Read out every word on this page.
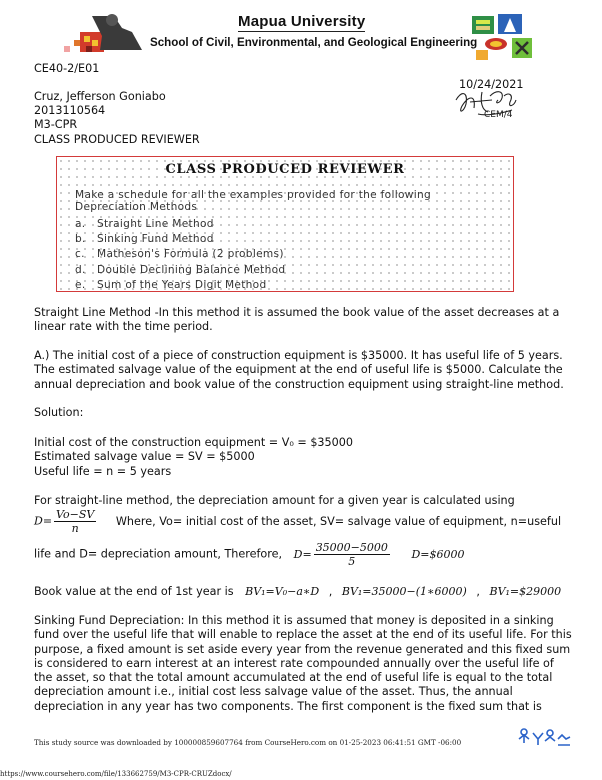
Mapua University
School of Civil, Environmental, and Geological Engineering
CE40-2/E01
10/24/2021
CEM/4
Cruz, Jefferson Goniabo
2013110564
M3-CPR
CLASS PRODUCED REVIEWER
CLASS PRODUCED REVIEWER
Make a schedule for all the examples provided for the following Depreciation Methods
a. Straight Line Method
b. Sinking Fund Method
c. Matheson's Formula (2 problems)
d. Double Declining Balance Method
e. Sum of the Years Digit Method
Straight Line Method -In this method it is assumed the book value of the asset decreases at a linear rate with the time period.
A.) The initial cost of a piece of construction equipment is $35000. It has useful life of 5 years. The estimated salvage value of the equipment at the end of useful life is $5000. Calculate the annual depreciation and book value of the construction equipment using straight-line method.
Solution:
Initial cost of the construction equipment = V₀ = $35000
Estimated salvage value = SV = $5000
Useful life = n = 5 years
For straight-line method, the depreciation amount for a given year is calculated using
$D= \frac{Vo-SV}{n}$ Where, Vo= initial cost of the asset, SV= salvage value of equipment, n=useful
life and D= depreciation amount, Therefore, $D= \frac{35000-5000}{5}$ D=$6000
Book value at the end of 1st year is BV₁=V₀−a∗D , BV₁=35000−(1∗6000) , BV₁=$29000
Sinking Fund Depreciation: In this method it is assumed that money is deposited in a sinking fund over the useful life that will enable to replace the asset at the end of its useful life. For this purpose, a fixed amount is set aside every year from the revenue generated and this fixed sum is considered to earn interest at an interest rate compounded annually over the useful life of the asset, so that the total amount accumulated at the end of useful life is equal to the total depreciation amount i.e., initial cost less salvage value of the asset. Thus, the annual depreciation in any year has two components. The first component is the fixed sum that is
This study source was downloaded by 100000859607764 from CourseHero.com on 01-25-2023 06:41:51 GMT -06:00
https://www.coursehero.com/file/133662759/M3-CPR-CRUZdocx/
